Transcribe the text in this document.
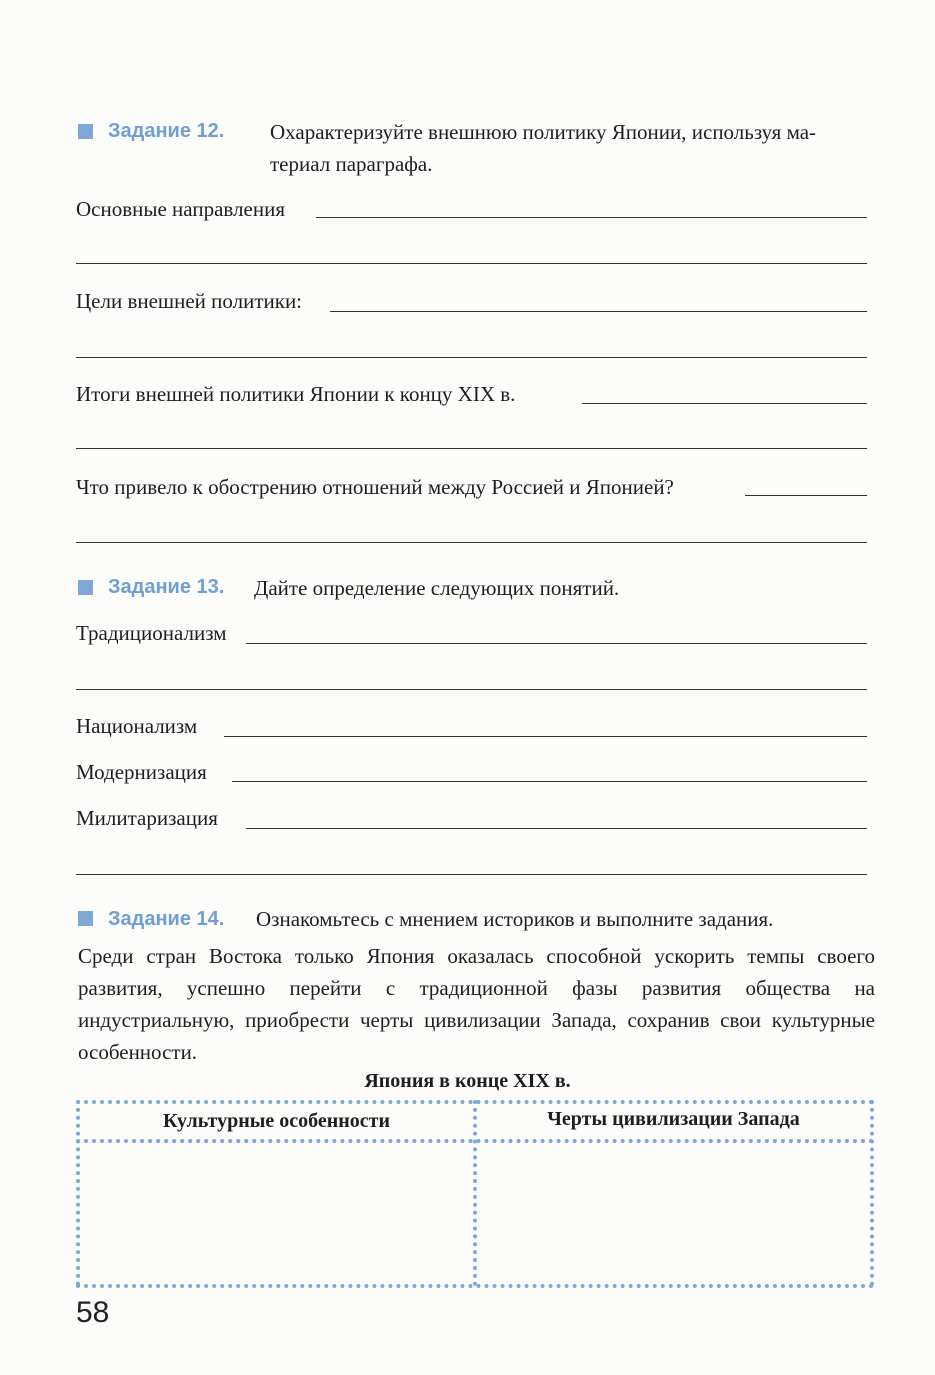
Задание 12. Охарактеризуйте внешнюю политику Японии, используя ма-
териал параграфа.
Основные направления
Цели внешней политики:
Итоги внешней политики Японии к концу XIX в.
Что привело к обострению отношений между Россией и Японией?
Задание 13. Дайте определение следующих понятий.
Традиционализм
Национализм
Модернизация
Милитаризация
Задание 14. Ознакомьтесь с мнением историков и выполните задания.
Среди стран Востока только Япония оказалась способной ускорить темпы своего развития, успешно перейти с традиционной фазы развития общества на индустриальную, приобрести черты цивилизации Запада, сохранив свои культурные особенности.
Япония в конце XIX в.
Культурные особенности	Черты цивилизации Запада
58
